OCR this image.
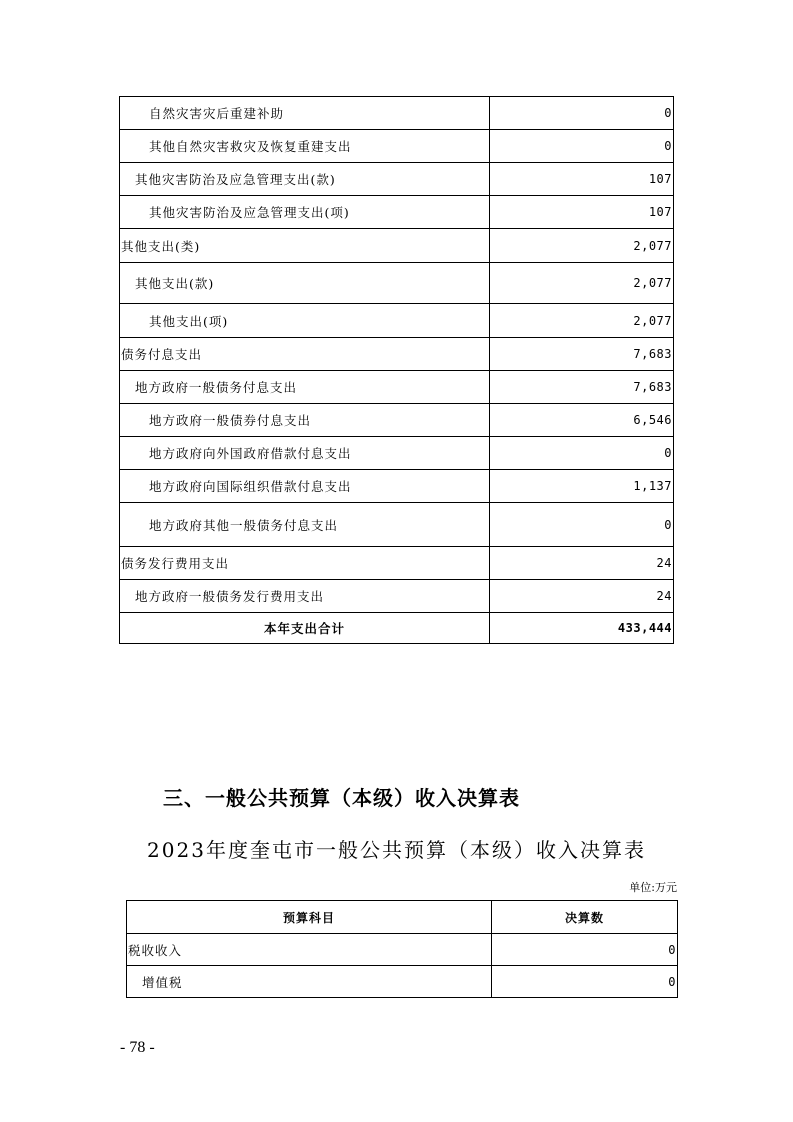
自然灾害灾后重建补助	0
其他自然灾害救灾及恢复重建支出	0
其他灾害防治及应急管理支出(款)	107
其他灾害防治及应急管理支出(项)	107
其他支出(类)	2,077
其他支出(款)	2,077
其他支出(项)	2,077
债务付息支出	7,683
地方政府一般债务付息支出	7,683
地方政府一般债券付息支出	6,546
地方政府向外国政府借款付息支出	0
地方政府向国际组织借款付息支出	1,137
地方政府其他一般债务付息支出	0
债务发行费用支出	24
地方政府一般债务发行费用支出	24
本年支出合计	433,444
三、一般公共预算（本级）收入决算表
2023年度奎屯市一般公共预算（本级）收入决算表
单位:万元
预算科目	决算数
税收收入	0
增值税	0
- 78 -
